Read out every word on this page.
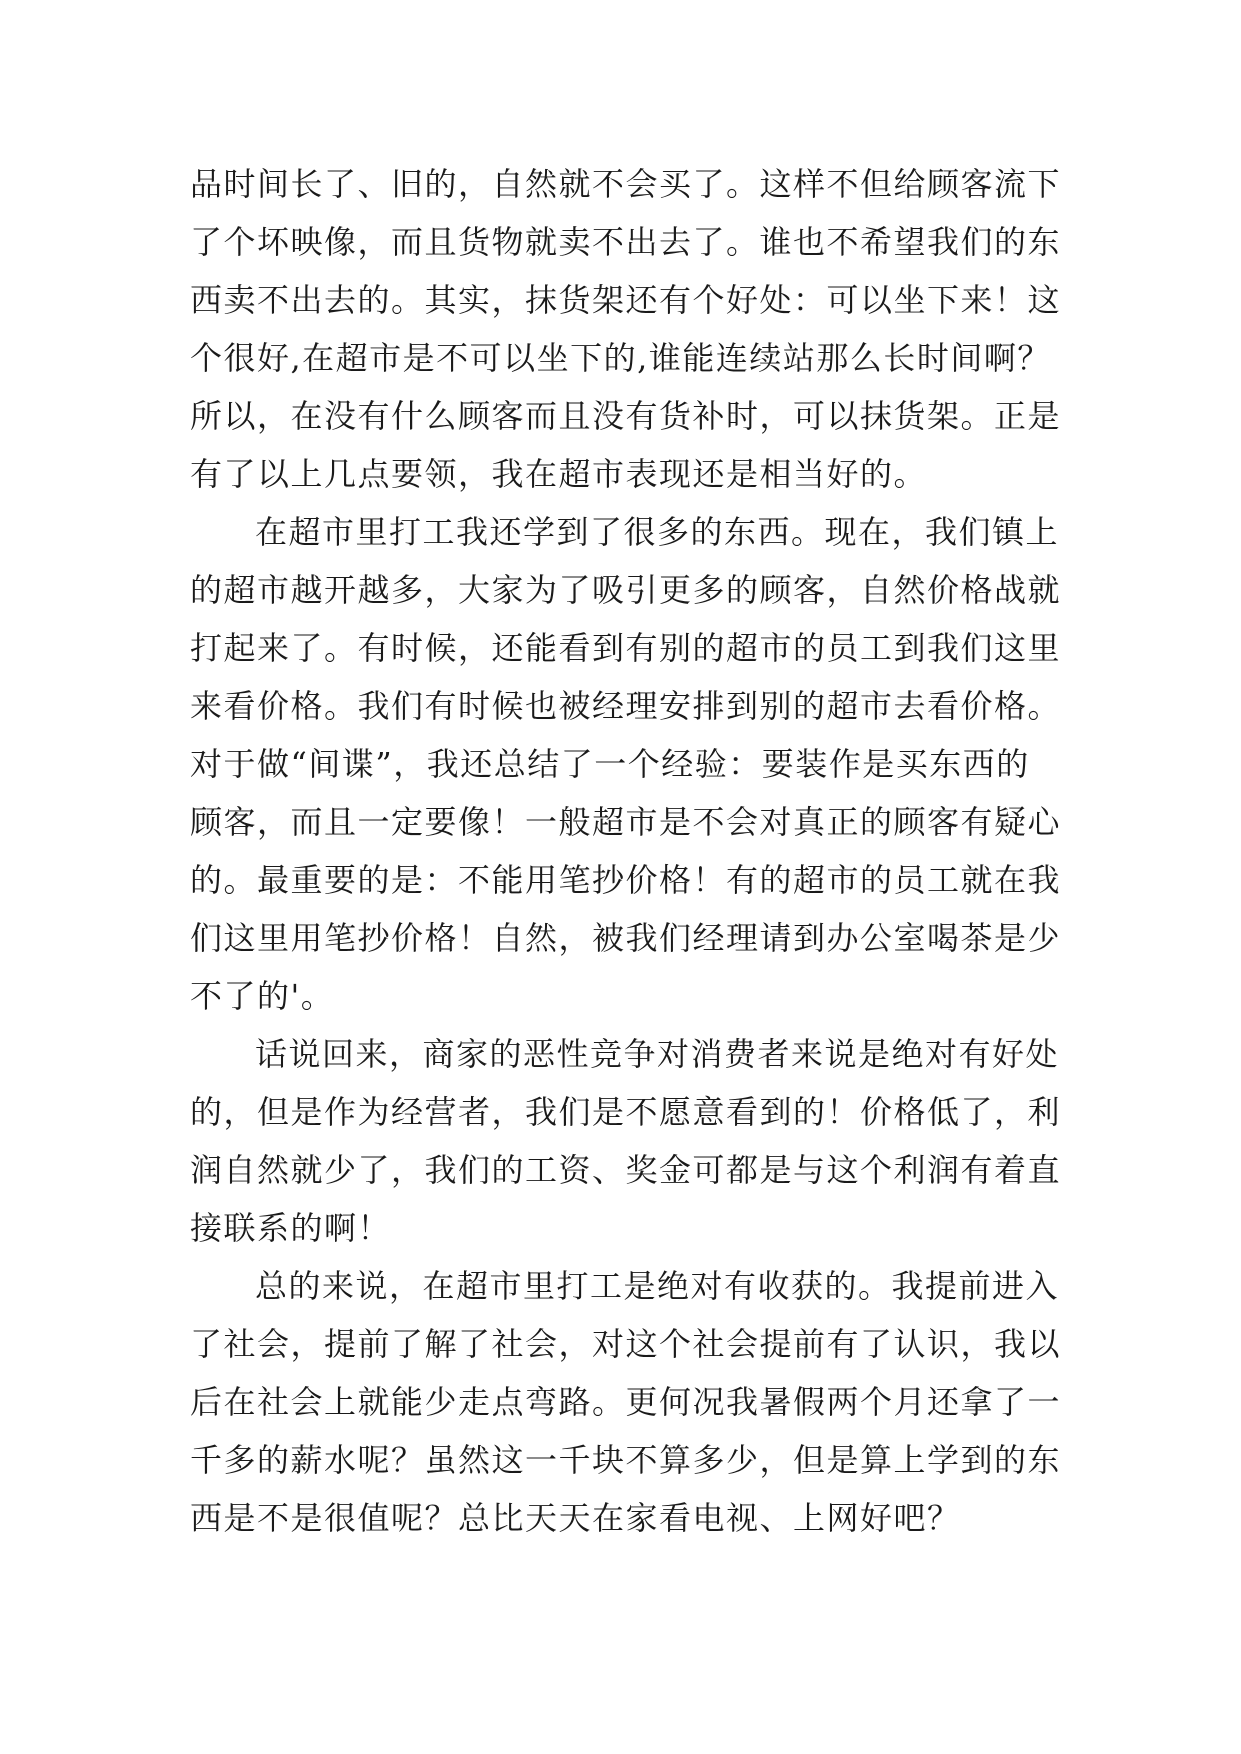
品时间长了、旧的，自然就不会买了。这样不但给顾客流下
了个坏映像，而且货物就卖不出去了。谁也不希望我们的东
西卖不出去的。其实，抹货架还有个好处：可以坐下来！这
个很好,在超市是不可以坐下的,谁能连续站那么长时间啊？
所以，在没有什么顾客而且没有货补时，可以抹货架。正是
有了以上几点要领，我在超市表现还是相当好的。
在超市里打工我还学到了很多的东西。现在，我们镇上
的超市越开越多，大家为了吸引更多的顾客，自然价格战就
打起来了。有时候，还能看到有别的超市的员工到我们这里
来看价格。我们有时候也被经理安排到别的超市去看价格。
对于做“间谍”，我还总结了一个经验：要装作是买东西的
顾客，而且一定要像！一般超市是不会对真正的顾客有疑心
的。最重要的是：不能用笔抄价格！有的超市的员工就在我
们这里用笔抄价格！自然，被我们经理请到办公室喝茶是少
不了的'。
话说回来，商家的恶性竞争对消费者来说是绝对有好处
的，但是作为经营者，我们是不愿意看到的！价格低了，利
润自然就少了，我们的工资、奖金可都是与这个利润有着直
接联系的啊！
总的来说，在超市里打工是绝对有收获的。我提前进入
了社会，提前了解了社会，对这个社会提前有了认识，我以
后在社会上就能少走点弯路。更何况我暑假两个月还拿了一
千多的薪水呢？虽然这一千块不算多少，但是算上学到的东
西是不是很值呢？总比天天在家看电视、上网好吧？
